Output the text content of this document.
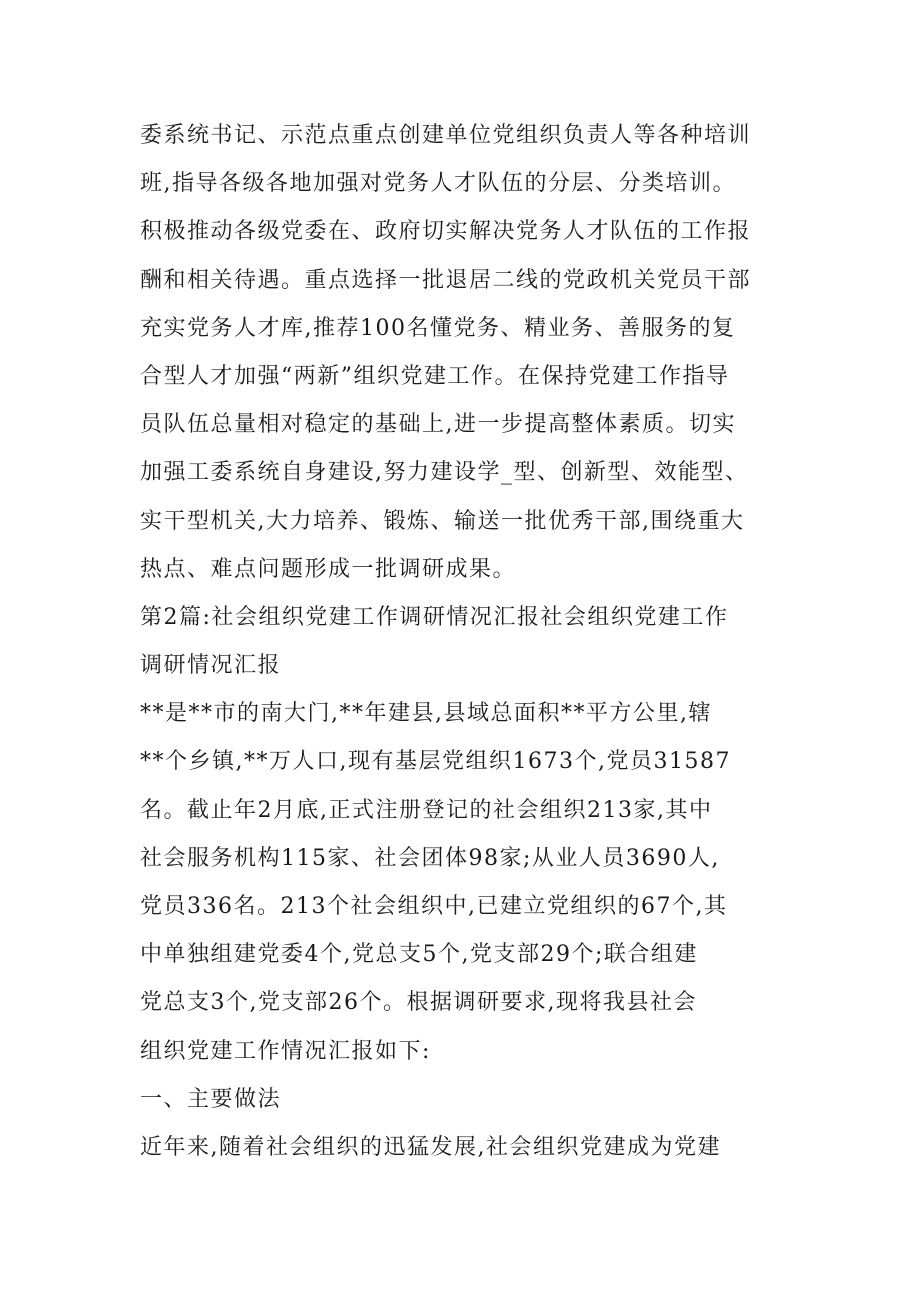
委系统书记、示范点重点创建单位党组织负责人等各种培训
班,指导各级各地加强对党务人才队伍的分层、分类培训。
积极推动各级党委在、政府切实解决党务人才队伍的工作报
酬和相关待遇。重点选择一批退居二线的党政机关党员干部
充实党务人才库,推荐100名懂党务、精业务、善服务的复
合型人才加强“两新”组织党建工作。在保持党建工作指导
员队伍总量相对稳定的基础上,进一步提高整体素质。切实
加强工委系统自身建设,努力建设学_型、创新型、效能型、
实干型机关,大力培养、锻炼、输送一批优秀干部,围绕重大
热点、难点问题形成一批调研成果。
第2篇:社会组织党建工作调研情况汇报社会组织党建工作
调研情况汇报
**是**市的南大门,**年建县,县域总面积**平方公里,辖
**个乡镇,**万人口,现有基层党组织1673个,党员31587
名。截止年2月底,正式注册登记的社会组织213家,其中
社会服务机构115家、社会团体98家;从业人员3690人,
党员336名。213个社会组织中,已建立党组织的67个,其
中单独组建党委4个,党总支5个,党支部29个;联合组建
党总支3个,党支部26个。根据调研要求,现将我县社会
组织党建工作情况汇报如下:
一、主要做法
近年来,随着社会组织的迅猛发展,社会组织党建成为党建
